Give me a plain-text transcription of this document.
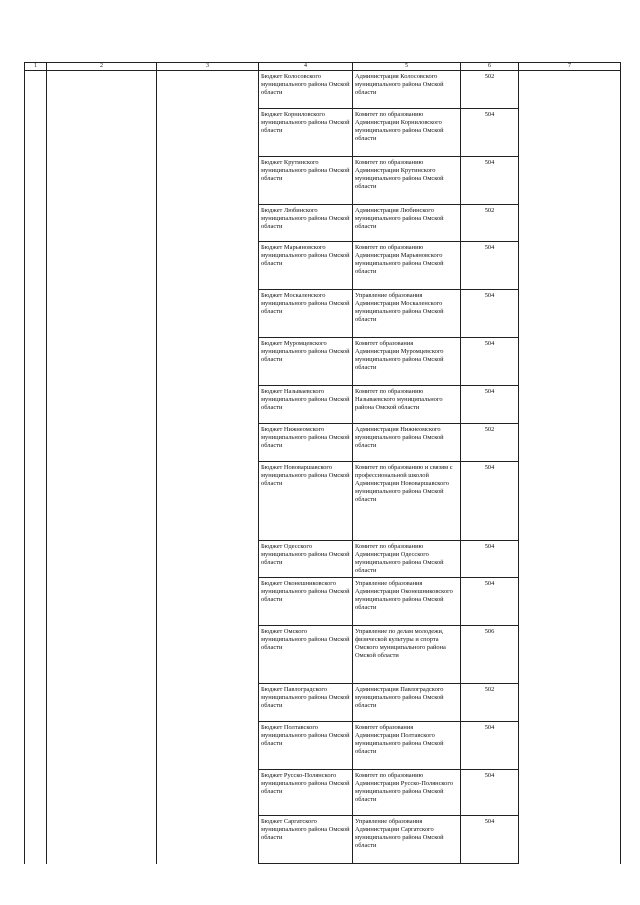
1	2	3	4	5	6	7

			Бюджет Колосовского муниципального района Омской области	Администрация Колосовского муниципального района Омской области	502	

			Бюджет Корниловского муниципального района Омской области	Комитет по образованию Администрации Корниловского муниципального района Омской области	504	

			Бюджет Крутинского муниципального района Омской области	Комитет по образованию Администрации Крутинского муниципального района Омской области	504	

			Бюджет Любинского муниципального района Омской области	Администрация Любинского муниципального района Омской области	502	

			Бюджет Марьяновского муниципального района Омской области	Комитет по образованию Администрации Марьяновского муниципального района Омской области	504	

			Бюджет Москаленского муниципального района Омской области	Управление образования Администрации Москаленского муниципального района Омской области	504	

			Бюджет Муромцевского муниципального района Омской области	Комитет образования Администрации Муромцевского муниципального района Омской области	504	

			Бюджет Называевского муниципального района Омской области	Комитет по образованию Называевского муниципального района Омской области	504	

			Бюджет Нижнеомского муниципального района Омской области	Администрация Нижнеомского муниципального района Омской области	502	

			Бюджет Нововаршавского муниципального района Омской области	Комитет по образованию и связям с профессиональной школой Администрации Нововаршавского муниципального района Омской области	504	

			Бюджет Одесского муниципального района Омской области	Комитет по образованию Администрации Одесского муниципального района Омской области	504	

			Бюджет Оконешниковского муниципального района Омской области	Управление образования Администрации Оконешниковского муниципального района Омской области	504	

			Бюджет Омского муниципального района Омской области	Управление по делам молодежи, физической культуры и спорта Омского муниципального района Омской области	506	

			Бюджет Павлоградского муниципального района Омской области	Администрация Павлоградского муниципального района Омской области	502	

			Бюджет Полтавского муниципального района Омской области	Комитет образования Администрации Полтавского муниципального района Омской области	504	

			Бюджет Русско-Полянского муниципального района Омской области	Комитет по образованию Администрации Русско-Полянского муниципального района Омской области	504	

			Бюджет Саргатского муниципального района Омской области	Управление образования Администрации Саргатского муниципального района Омской области	504	
